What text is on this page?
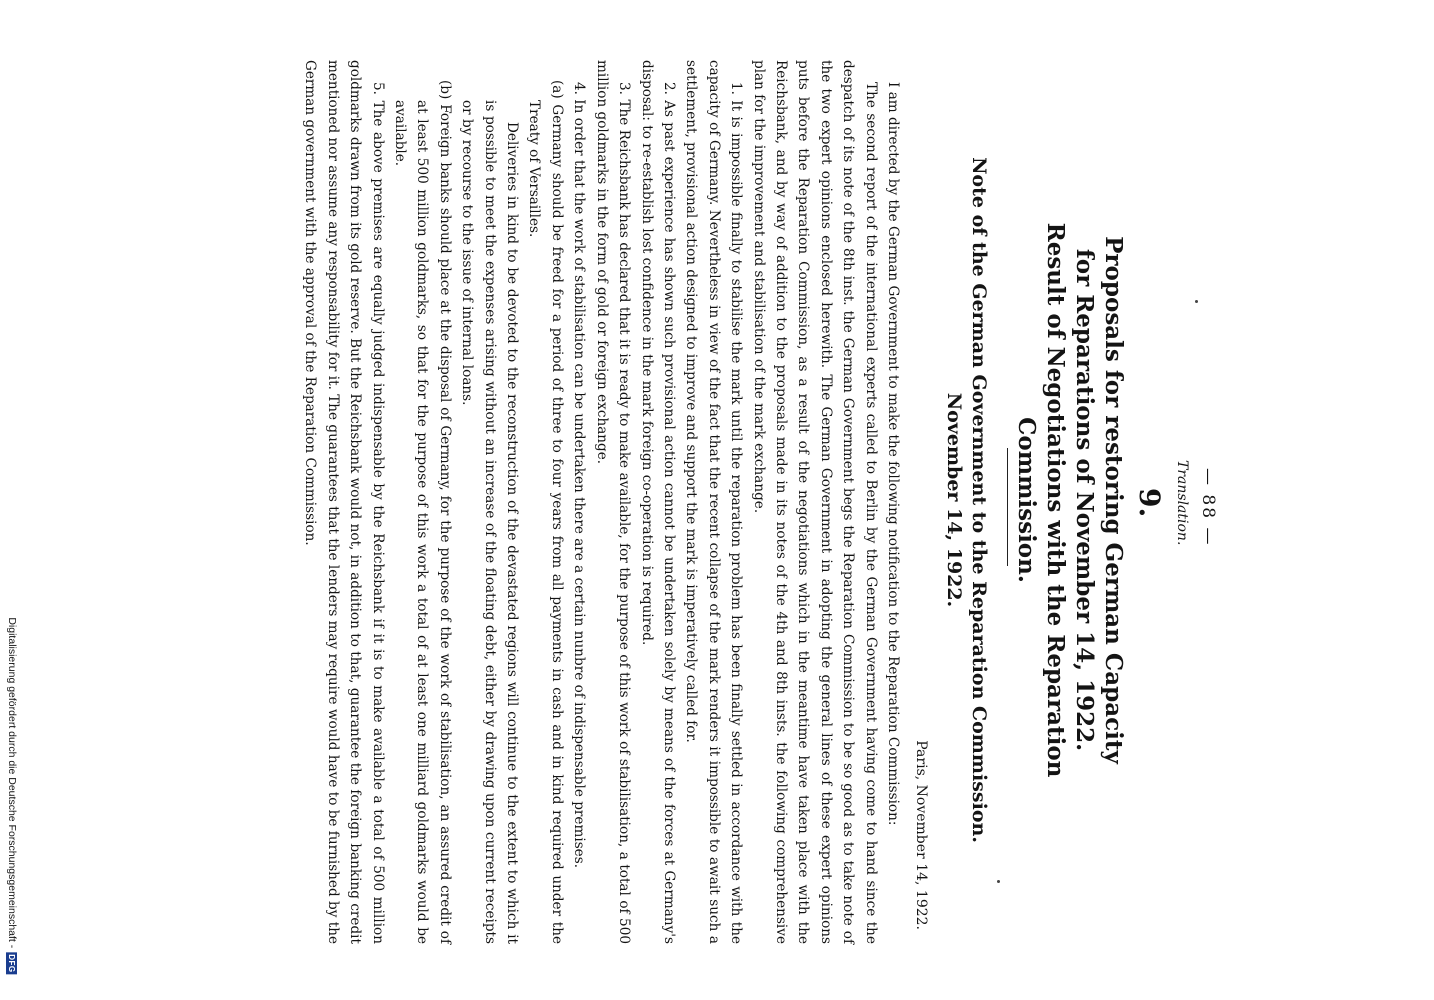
Digitalisierung gefördert durch die Deutsche Forschungsgemeinschaft -
DFG
— 88 —
Translation.
9.
Proposals for restoring German Capacity
for Reparations of November 14, 1922.
Result of Negotiations with the Reparation
Commission.
Note of the German Government to the Reparation Commission.
November 14, 1922.
Paris, November 14, 1922.

I am directed by the German Government to make the following notification to the Reparation Commission:

The second report of the international experts called to Berlin by the German Government having come to hand since the despatch of its note of the 8th inst. the German Government begs the Reparation Commission to be so good as to take note of the two expert opinions enclosed herewith. The German Government in adopting the general lines of these expert opinions puts before the Reparation Commission, as a result of the negotiations which in the meantime have taken place with the Reichsbank, and by way of addition to the proposals made in its notes of the 4th and 8th insts. the following comprehensive plan for the improvement and stabilisation of the mark exchange.

1. It is impossible finally to stabilise the mark until the reparation problem has been finally settled in accordance with the capacity of Germany. Nevertheless in view of the fact that the recent collapse of the mark renders it impossible to await such a settlement, provisional action designed to improve and support the mark is imperatively called for.

2. As past experience has shown such provisional action cannot be undertaken solely by means of the forces at Germany's disposal: to re-establish lost confidence in the mark foreign co-operation is required.

3. The Reichsbank has declared that it is ready to make available, for the purpose of this work of stabilisation, a total of 500 million goldmarks in the form of gold or foreign exchange.

4. In order that the work of stabilisation can be undertaken there are a certain nunbre of indispensable premises.

(a) Germany should be freed for a period of three to four years from all payments in cash and in kind required under the Treaty of Versailles.

Deliveries in kind to be devoted to the reconstruction of the devastated regions will continue to the extent to which it is possible to meet the expenses arising without an increase of the floating debt, either by drawing upon current receipts or by recourse to the issue of internal loans.

(b) Foreign banks should place at the disposal of Germany, for the purpose of the work of stabilisation, an assured credit of at least 500 million goldmarks, so that for the purpose of this work a total of at least one milliard goldmarks would be available.

5. The above premises are equally judged indispensable by the Reichsbank if it is to make available a total of 500 million goldmarks drawn from its gold reserve. But the Reichsbank would not, in addition to that, guarantee the foreign banking credit mentioned nor assume any responsability for it. The guarantees that the lenders may require would have to be furnished by the German government with the approval of the Reparation Commission.
